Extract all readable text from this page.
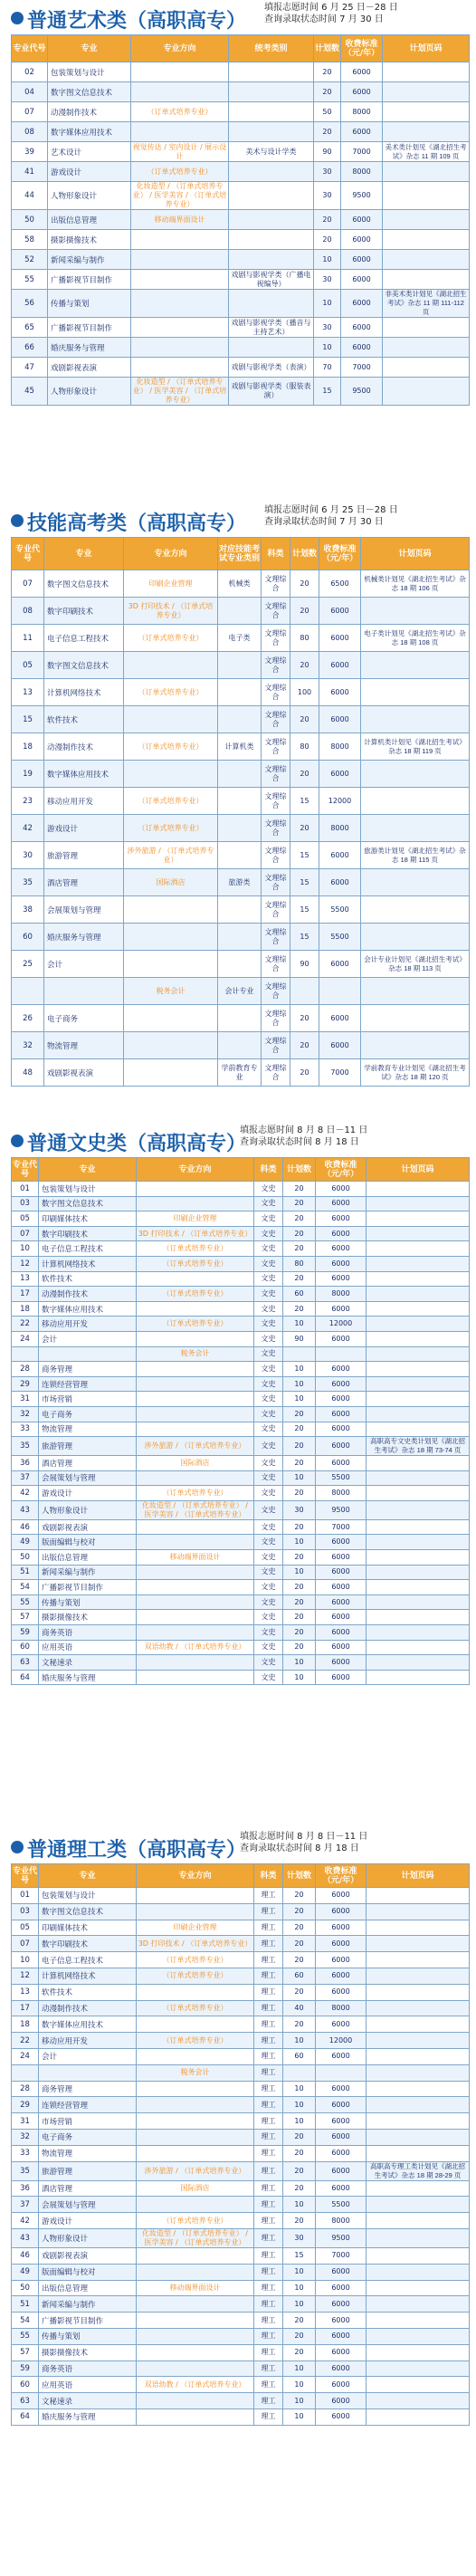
普通艺术类（高职高专）
填报志愿时间 6 月 25 日－28 日
查询录取状态时间 7 月 30 日
专业代号	专业	专业方向	统考类别	计划数	收费标准（元/年）	计划页码
02	包装策划与设计			20	6000	
04	数字图文信息技术			20	6000	
07	动漫制作技术	（订单式培养专业）		50	8000	
08	数字媒体应用技术			20	6000	
39	艺术设计	视觉传达 / 室内设计 / 展示设计	美术与设计学类	90	7000	美术类计划见《湖北招生考试》杂志 11 期 109 页
41	游戏设计	（订单式培养专业）		30	8000	
44	人物形象设计	化妆造型 / （订单式培养专业） / 医学美容 / （订单式培养专业）		30	9500	
50	出版信息管理	移动端界面设计		20	6000	
58	摄影摄像技术			20	6000	
52	新闻采编与制作			10	6000	
55	广播影视节目制作		戏剧与影视学类（广播电视编导）	30	6000	
56	传播与策划			10	6000	非美术类计划见《湖北招生考试》杂志 11 期 111-112 页
65	广播影视节目制作		戏剧与影视学类（播音与主持艺术）	30	6000	
66	婚庆服务与管理			10	6000	
47	戏剧影视表演		戏剧与影视学类（表演）	70	7000	
45	人物形象设计	化妆造型 / （订单式培养专业） / 医学美容 / （订单式培养专业）	戏剧与影视学类（服装表演）	15	9500	
技能高考类（高职高专）
填报志愿时间 6 月 25 日－28 日
查询录取状态时间 7 月 30 日
专业代号	专业	专业方向	对应技能考试专业类别	科类	计划数	收费标准（元/年）	计划页码
07	数字图文信息技术	印刷企业管理	机械类	文理综合	20	6500	机械类计划见《湖北招生考试》杂志 18 期 106 页
08	数字印刷技术	3D 打印技术 / （订单式培养专业）		文理综合	20	6000	
11	电子信息工程技术	（订单式培养专业）	电子类	文理综合	80	6000	电子类计划见《湖北招生考试》杂志 18 期 108 页
05	数字图文信息技术			文理综合	20	6000	
13	计算机网络技术	（订单式培养专业）		文理综合	100	6000	
15	软件技术			文理综合	20	6000	
18	动漫制作技术	（订单式培养专业）	计算机类	文理综合	80	8000	计算机类计划见《湖北招生考试》杂志 18 期 119 页
19	数字媒体应用技术			文理综合	20	6000	
23	移动应用开发	（订单式培养专业）		文理综合	15	12000	
42	游戏设计	（订单式培养专业）		文理综合	20	8000	
30	旅游管理	涉外旅游 / （订单式培养专业）		文理综合	15	6000	旅游类计划见《湖北招生考试》杂志 18 期 115 页
35	酒店管理	国际酒店	旅游类	文理综合	15	6000	
38	会展策划与管理			文理综合	15	5500	
60	婚庆服务与管理			文理综合	15	5500	
25	会计			文理综合	90	6000	会计专业计划见《湖北招生考试》杂志 18 期 113 页
		税务会计	会计专业	文理综合			
26	电子商务			文理综合	20	6000	
32	物流管理			文理综合	20	6000	
48	戏剧影视表演		学前教育专业	文理综合	20	7000	学前教育专业计划见《湖北招生考试》杂志 18 期 120 页
普通文史类（高职高专）
填报志愿时间 8 月 8 日－11 日
查询录取状态时间 8 月 18 日
专业代号	专业	专业方向	科类	计划数	收费标准（元/年）	计划页码
01	包装策划与设计		文史	20	6000	
03	数字图文信息技术		文史	20	6000	
05	印刷媒体技术	印刷企业管理	文史	20	6000	
07	数字印刷技术	3D 打印技术 / （订单式培养专业）	文史	20	6000	
10	电子信息工程技术	（订单式培养专业）	文史	20	6000	
12	计算机网络技术	（订单式培养专业）	文史	80	6000	
13	软件技术		文史	20	6000	
17	动漫制作技术	（订单式培养专业）	文史	60	8000	
18	数字媒体应用技术		文史	20	6000	
22	移动应用开发	（订单式培养专业）	文史	10	12000	
24	会计		文史	90	6000	
		税务会计	文史			
28	商务管理		文史	10	6000	
29	连锁经营管理		文史	10	6000	
31	市场营销		文史	10	6000	
32	电子商务		文史	20	6000	
33	物流管理		文史	20	6000	
35	旅游管理	涉外旅游 / （订单式培养专业）	文史	20	6000	高职高专文史类计划见《湖北招生考试》杂志 18 期 73-74 页
36	酒店管理	国际酒店	文史	20	6000	
37	会展策划与管理		文史	10	5500	
42	游戏设计	（订单式培养专业）	文史	20	8000	
43	人物形象设计	化妆造型 / （订单式培养专业） / 医学美容 / （订单式培养专业）	文史	30	9500	
46	戏剧影视表演		文史	20	7000	
49	版面编辑与校对		文史	10	6000	
50	出版信息管理	移动端界面设计	文史	20	6000	
51	新闻采编与制作		文史	10	6000	
54	广播影视节目制作		文史	20	6000	
55	传播与策划		文史	20	6000	
57	摄影摄像技术		文史	20	6000	
59	商务英语		文史	20	6000	
60	应用英语	双语幼教 / （订单式培养专业）	文史	20	6000	
63	文秘速录		文史	10	6000	
64	婚庆服务与管理		文史	10	6000	
普通理工类（高职高专）
填报志愿时间 8 月 8 日－11 日
查询录取状态时间 8 月 18 日
专业代号	专业	专业方向	科类	计划数	收费标准（元/年）	计划页码
01	包装策划与设计		理工	20	6000	
03	数字图文信息技术		理工	20	6000	
05	印刷媒体技术	印刷企业管理	理工	20	6000	
07	数字印刷技术	3D 打印技术 / （订单式培养专业）	理工	20	6000	
10	电子信息工程技术	（订单式培养专业）	理工	20	6000	
12	计算机网络技术	（订单式培养专业）	理工	60	6000	
13	软件技术		理工	20	6000	
17	动漫制作技术	（订单式培养专业）	理工	40	8000	
18	数字媒体应用技术		理工	20	6000	
22	移动应用开发	（订单式培养专业）	理工	10	12000	
24	会计		理工	60	6000	
		税务会计	理工			
28	商务管理		理工	10	6000	
29	连锁经营管理		理工	10	6000	
31	市场营销		理工	10	6000	
32	电子商务		理工	20	6000	
33	物流管理		理工	20	6000	
35	旅游管理	涉外旅游 / （订单式培养专业）	理工	20	6000	高职高专理工类计划见《湖北招生考试》杂志 18 期 28-29 页
36	酒店管理	国际酒店	理工	20	6000	
37	会展策划与管理		理工	10	5500	
42	游戏设计	（订单式培养专业）	理工	20	8000	
43	人物形象设计	化妆造型 / （订单式培养专业） / 医学美容 / （订单式培养专业）	理工	30	9500	
46	戏剧影视表演		理工	15	7000	
49	版面编辑与校对		理工	10	6000	
50	出版信息管理	移动端界面设计	理工	10	6000	
51	新闻采编与制作		理工	10	6000	
54	广播影视节目制作		理工	20	6000	
55	传播与策划		理工	20	6000	
57	摄影摄像技术		理工	20	6000	
59	商务英语		理工	10	6000	
60	应用英语	双语幼教 / （订单式培养专业）	理工	10	6000	
63	文秘速录		理工	10	6000	
64	婚庆服务与管理		理工	10	6000	
